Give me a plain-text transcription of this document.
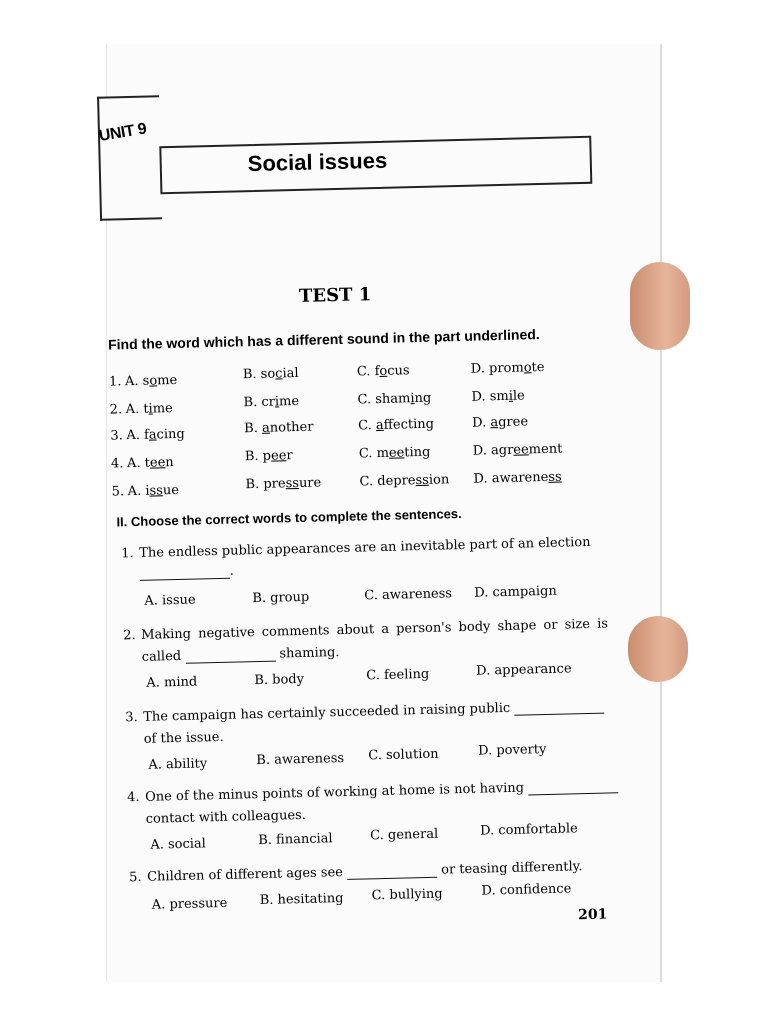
UNIT 9
Social issues
TEST 1
Find the word which has a different sound in the part underlined.
1. A. some	B. social	C. focus	D. promote
2. A. time	B. crime	C. shaming	D. smile
3. A. facing	B. another	C. affecting	D. agree
4. A. teen	B. peer	C. meeting	D. agreement
5. A. issue	B. pressure	C. depression D. awareness
II. Choose the correct words to complete the sentences.
1. The endless public appearances are an inevitable part of an election
.
A. issue	B. group	C. awareness D. campaign
2. Making negative comments about a person's body shape or size is
called	shaming.
A. mind	B. body	C. feeling	D. appearance
3. The campaign has certainly succeeded in raising public
of the issue.
A. ability	B. awareness C. solution	D. poverty
4. One of the minus points of working at home is not having
contact with colleagues.
A. social	B. financial	C. general	D. comfortable
5. Children of different ages see	or teasing differently.
A. pressure B. hesitating C. bullying	D. confidence
201
